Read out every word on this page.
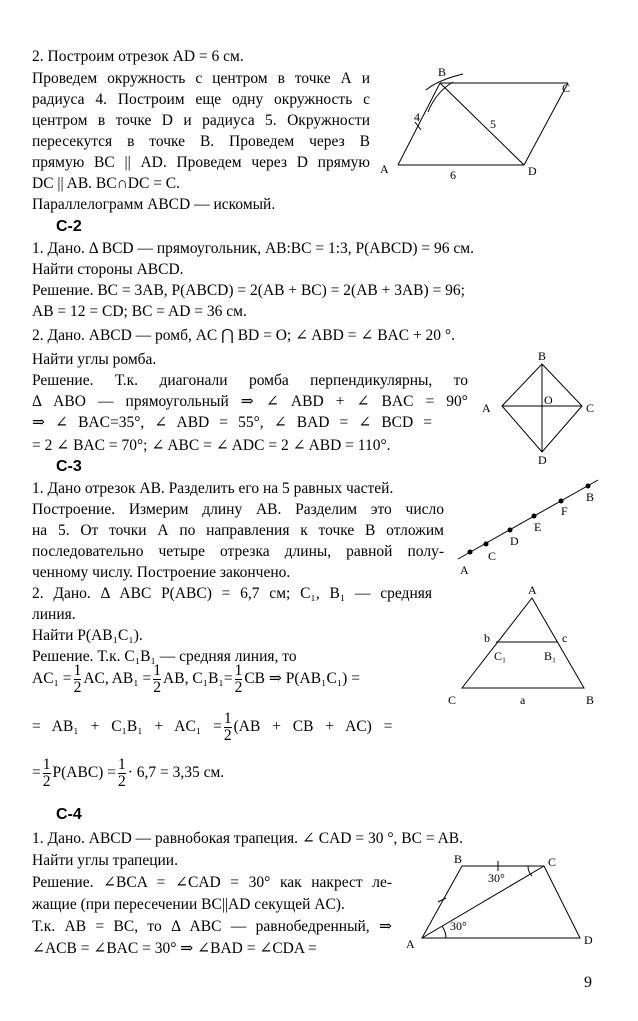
2. Построим отрезок AD = 6 см.
Проведем окружность с центром в точке А и
радиуса 4. Построим еще одну окружность с
центром в точке D и радиуса 5. Окружности
пересекутся в точке В. Проведем через В
прямую ВС || AD. Проведем через D прямую
DC || AB. BC∩DC = С.
Параллелограмм ABCD — искомый.
B
C
A	D
4	5
6
С-2
1. Дано. Δ BCD — прямоугольник, AB:BC = 1:3, P(ABCD) = 96 см.
Найти стороны ABCD.
Решение. ВС = 3АВ, P(ABCD) = 2(AB + BC) = 2(AB + 3AB) = 96;
AB = 12 = CD; BC = AD = 36 см.
2. Дано. ABCD — ромб, AC ⋂ BD = O; ∠ ABD = ∠ BAC + 20 °.
Найти углы ромба.
Решение. Т.к. диагонали ромба перпендикулярны, то
Δ ABO — прямоугольный ⇒ ∠ ABD + ∠ BAC = 90°
⇒ ∠ BAC=35°, ∠ ABD = 55°, ∠ BAD = ∠ BCD =
= 2 ∠ BAC = 70°; ∠ ABC = ∠ ADC = 2 ∠ ABD = 110°.
B
A
O
C
D
С-3
1. Дано отрезок AB. Разделить его на 5 равных частей.
Построение. Измерим длину AB. Разделим это число
на 5. От точки А по направления к точке В отложим
последовательно четыре отрезка длины, равной полу-
ченному числу. Построение закончено.
2. Дано. Δ ABC P(ABC) = 6,7 см; C₁, B₁ — средняя
линия.
Найти P(AB₁C₁).
Решение. Т.к. C₁B₁ — средняя линия, то
$AC_1 = \frac{1}{2}$ AC, $AB_1 = \frac{1}{2}$ AB, $C_1B_1= \frac{1}{2}$ CB ⇒ P(AB₁C₁) =
= $AB_1 + C_1B_1 + AC_1 = \frac{1}{2} (AB$ + CB + AC) =
= $\frac{1}{2} P(ABC) = \frac{1}{2} \cdot 6,7 = 3,35$ см.
A
C
D
E
F
B
A
b	c
C₁	B₁
C	a	B
С-4
1. Дано. ABCD — равнобокая трапеция. ∠ CAD = 30 °, BC = AB.
Найти углы трапеции.
Решение. ∠BCA = ∠CAD = 30° как накрест ле-
жащие (при пересечении BC||AD секущей AC).
Т.к. AB = BC, то Δ ABC — равнобедренный, ⇒
∠ACB = ∠BAC = 30° ⇒ ∠BAD = ∠CDA =
B	C
A	D
30°
30°
9
